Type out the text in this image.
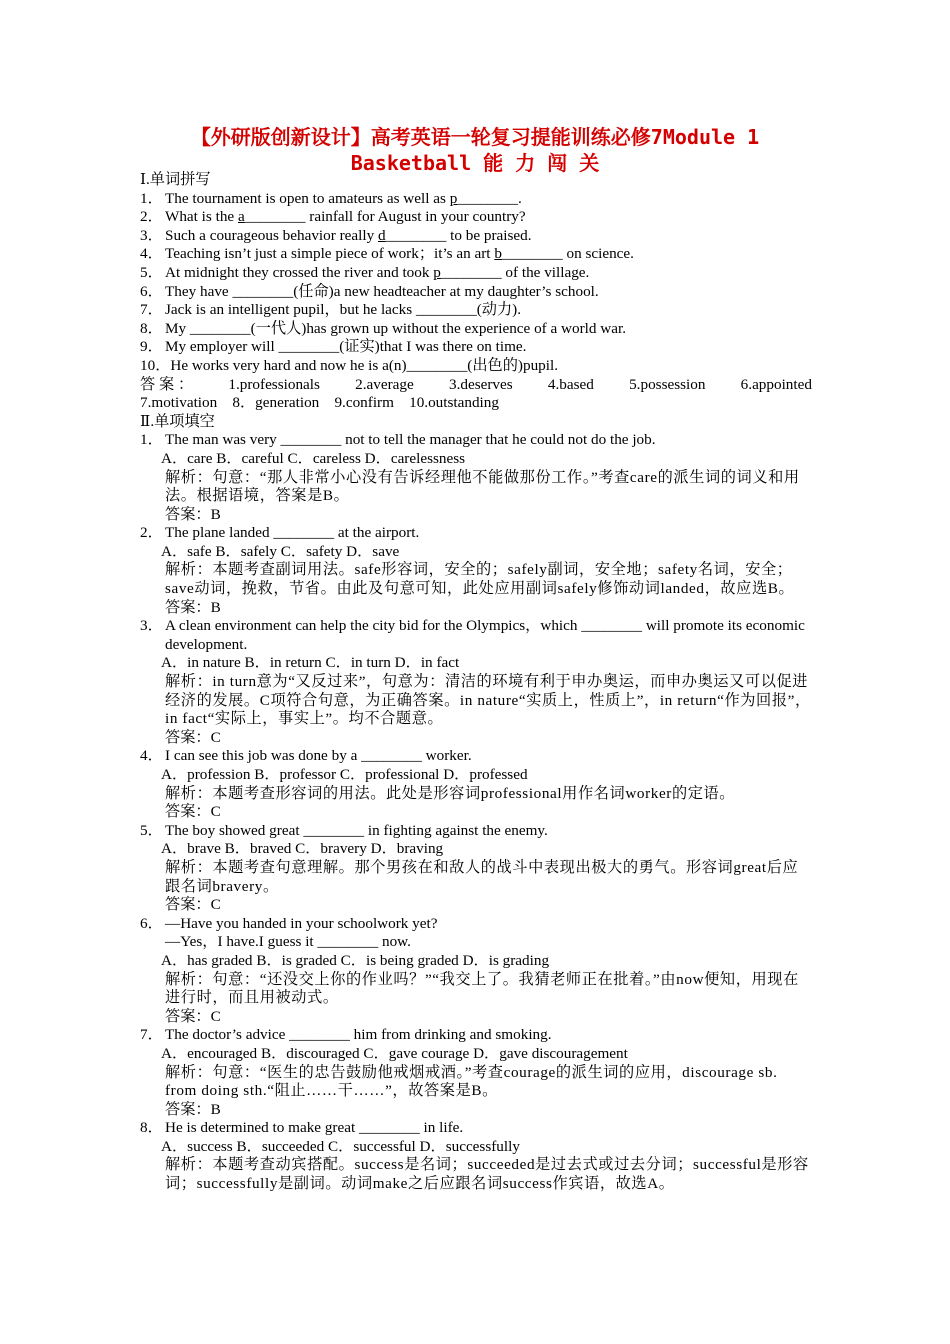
【外研版创新设计】高考英语一轮复习提能训练必修7Module 1
Basketball 能 力 闯 关
Ⅰ.单词拼写
1． The tournament is open to amateurs as well as p________.
2． What is the a________ rainfall for August in your country?
3． Such a courageous behavior really d________ to be praised.
4． Teaching isn’t just a simple piece of work；it’s an art b________ on science.
5． At midnight they crossed the river and took p________ of the village.
6． They have ________(任命)a new headteacher at my daughter’s school.
7． Jack is an intelligent pupil，but he lacks ________(动力).
8． My ________(一代人)has grown up without the experience of a world war.
9． My employer will ________(证实)that I was there on time.
10．He works very hard and now he is a(n)________(出色的)pupil.
答 案 ： 1.professionals 2.average 3.deserves 4.based 5.possession 6.appointed
7.motivation　8．generation　9.confirm　10.outstanding
Ⅱ.单项填空
1． The man was very ________ not to tell the manager that he could not do the job.
A．care B．careful C．careless D．carelessness
解析：句意：“那人非常小心没有告诉经理他不能做那份工作。”考查care的派生词的词义和用法。根据语境，答案是B。
答案：B
2． The plane landed ________ at the airport.
A．safe B．safely C．safety D．save
解析：本题考查副词用法。safe形容词，安全的；safely副词，安全地；safety名词，安全；save动词，挽救，节省。由此及句意可知，此处应用副词safely修饰动词landed，故应选B。
答案：B
3． A clean environment can help the city bid for the Olympics，which ________ will promote its economic development.
A．in nature B．in return C．in turn D．in fact
解析：in turn意为“又反过来”，句意为：清洁的环境有利于申办奥运，而申办奥运又可以促进经济的发展。C项符合句意，为正确答案。in nature“实质上，性质上”，in return“作为回报”，in fact“实际上，事实上”。均不合题意。
答案：C
4． I can see this job was done by a ________ worker.
A．profession B．professor C．professional D．professed
解析：本题考查形容词的用法。此处是形容词professional用作名词worker的定语。
答案：C
5． The boy showed great ________ in fighting against the enemy.
A．brave B．braved C．bravery D．braving
解析：本题考查句意理解。那个男孩在和敌人的战斗中表现出极大的勇气。形容词great后应跟名词bravery。
答案：C
6． —Have you handed in your schoolwork yet?
—Yes，I have.I guess it ________ now.
A．has graded B．is graded C．is being graded D．is grading
解析：句意：“还没交上你的作业吗？”“我交上了。我猜老师正在批着。”由now便知，用现在进行时，而且用被动式。
答案：C
7． The doctor’s advice ________ him from drinking and smoking.
A．encouraged B．discouraged C．gave courage D．gave discouragement
解析：句意：“医生的忠告鼓励他戒烟戒酒。”考查courage的派生词的应用，discourage sb. from doing sth.“阻止……干……”，故答案是B。
答案：B
8． He is determined to make great ________ in life.
A．success B．succeeded C．successful D．successfully
解析：本题考查动宾搭配。success是名词；succeeded是过去式或过去分词；successful是形容词；successfully是副词。动词make之后应跟名词success作宾语，故选A。
